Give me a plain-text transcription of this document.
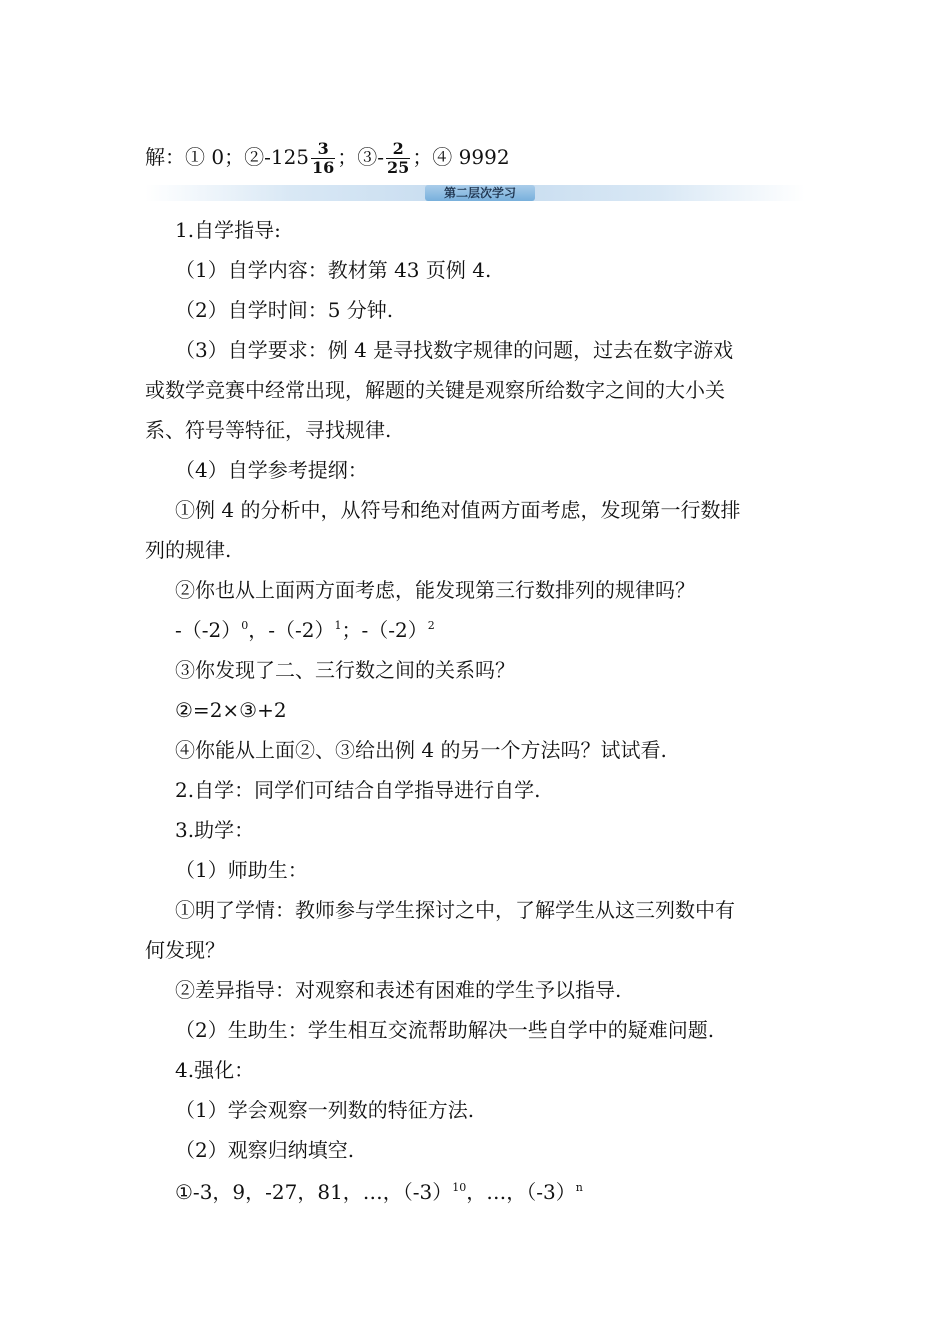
解：① 0；②-125 $\frac{3}{16}$ ；③- $\frac{2}{25}$ ；④ 9992
第二层次学习
1.自学指导:
（1）自学内容：教材第 43 页例 4.
（2）自学时间：5 分钟.
（3）自学要求：例 4 是寻找数字规律的问题，过去在数字游戏
或数学竞赛中经常出现，解题的关键是观察所给数字之间的大小关
系、符号等特征，寻找规律.
（4）自学参考提纲：
①例 4 的分析中，从符号和绝对值两方面考虑，发现第一行数排
列的规律.
②你也从上面两方面考虑，能发现第三行数排列的规律吗？
$-(-2)^0$，$-(-2)^1$；$-(-2)^2$
③你发现了二、三行数之间的关系吗？
②=2×③+2
④你能从上面②、③给出例 4 的另一个方法吗？试试看.
2.自学：同学们可结合自学指导进行自学.
3.助学：
（1）师助生：
①明了学情：教师参与学生探讨之中，了解学生从这三列数中有
何发现？
②差异指导：对观察和表述有困难的学生予以指导.
（2）生助生：学生相互交流帮助解决一些自学中的疑难问题.
4.强化：
（1）学会观察一列数的特征方法.
（2）观察归纳填空.
①-3，9，-27，81，…，$(-3)^{10}$，…，$(-3)^n$
